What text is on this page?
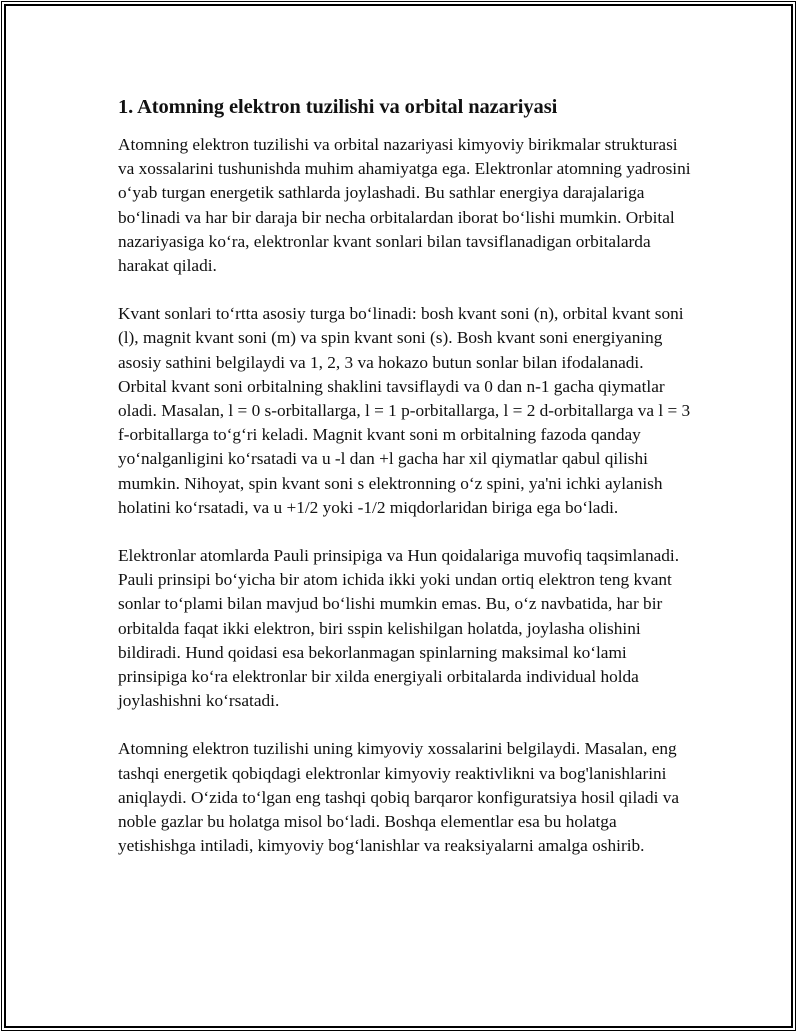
1. Atomning elektron tuzilishi va orbital nazariyasi

Atomning elektron tuzilishi va orbital nazariyasi kimyoviy birikmalar strukturasi va xossalarini tushunishda muhim ahamiyatga ega. Elektronlar atomning yadrosini o‘yab turgan energetik sathlarda joylashadi. Bu sathlar energiya darajalariga bo‘linadi va har bir daraja bir necha orbitalardan iborat bo‘lishi mumkin. Orbital nazariyasiga ko‘ra, elektronlar kvant sonlari bilan tavsiflanadigan orbitalarda harakat qiladi.

Kvant sonlari to‘rtta asosiy turga bo‘linadi: bosh kvant soni (n), orbital kvant soni (l), magnit kvant soni (m) va spin kvant soni (s). Bosh kvant soni energiyaning asosiy sathini belgilaydi va 1, 2, 3 va hokazo butun sonlar bilan ifodalanadi. Orbital kvant soni orbitalning shaklini tavsiflaydi va 0 dan n-1 gacha qiymatlar oladi. Masalan, l = 0 s-orbitallarga, l = 1 p-orbitallarga, l = 2 d-orbitallarga va l = 3 f-orbitallarga to‘g‘ri keladi. Magnit kvant soni m orbitalning fazoda qanday yo‘nalganligini ko‘rsatadi va u -l dan +l gacha har xil qiymatlar qabul qilishi mumkin. Nihoyat, spin kvant soni s elektronning o‘z spini, ya'ni ichki aylanish holatini ko‘rsatadi, va u +1/2 yoki -1/2 miqdorlaridan biriga ega bo‘ladi.

Elektronlar atomlarda Pauli prinsipiga va Hun qoidalariga muvofiq taqsimlanadi. Pauli prinsipi bo‘yicha bir atom ichida ikki yoki undan ortiq elektron teng kvant sonlar to‘plami bilan mavjud bo‘lishi mumkin emas. Bu, o‘z navbatida, har bir orbitalda faqat ikki elektron, biri sspin kelishilgan holatda, joylasha olishini bildiradi. Hund qoidasi esa bekorlanmagan spinlarning maksimal ko‘lami prinsipiga ko‘ra elektronlar bir xilda energiyali orbitalarda individual holda joylashishni ko‘rsatadi.

Atomning elektron tuzilishi uning kimyoviy xossalarini belgilaydi. Masalan, eng tashqi energetik qobiqdagi elektronlar kimyoviy reaktivlikni va bog'lanishlarini aniqlaydi. O‘zida to‘lgan eng tashqi qobiq barqaror konfiguratsiya hosil qiladi va noble gazlar bu holatga misol bo‘ladi. Boshqa elementlar esa bu holatga yetishishga intiladi, kimyoviy bog‘lanishlar va reaksiyalarni amalga oshirib.
